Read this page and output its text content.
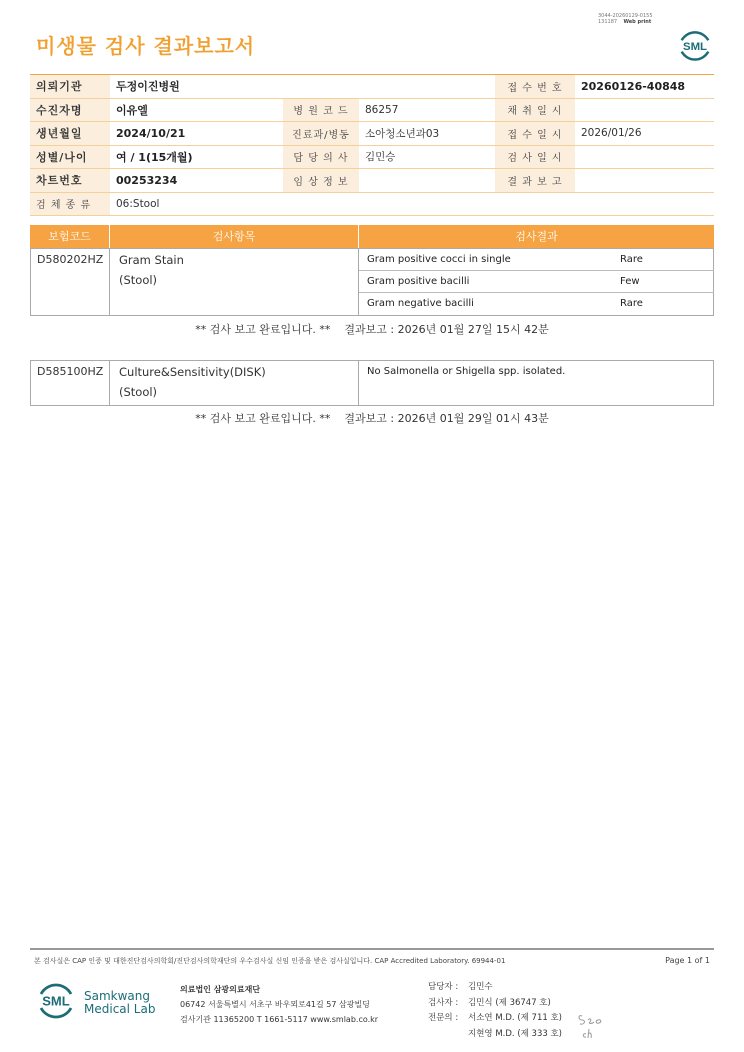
미생물 검사 결과보고서
3044-20260129-0155
131187 Web print
SML
의뢰기관	두정이진병원			접 수 번 호	20260126-40848
수진자명	이유엘	병 원 코 드	86257	채 취 일 시	
생년월일	2024/10/21	진료과/병동	소아청소년과03	접 수 일 시	2026/01/26
성별/나이	여 / 1(15개월)	담 당 의 사	김민승	검 사 일 시	
차트번호	00253234	임 상 정 보		결 과 보 고	
검 체 종 류	06:Stool				
보험코드	검사항목	검사결과
D580202HZ Gram Stain
(Stool)
Gram positive cocci in single	Rare
Gram positive bacilli	Few
Gram negative bacilli	Rare
** 검사 보고 완료입니다. **    결과보고 : 2026년 01월 27일 15시 42분
D585100HZ Culture&Sensitivity(DISK)
(Stool)
No Salmonella or Shigella spp. isolated.
** 검사 보고 완료입니다. **    결과보고 : 2026년 01월 29일 01시 43분
본 검사실은 CAP 인증 및 대한진단검사의학회/진단검사의학재단의 우수검사실 신임 인증을 받은 검사실입니다. CAP Accredited Laboratory. 69944-01	Page 1 of 1
SML Samkwang
Medical Lab
의료법인 삼광의료재단
06742 서울특별시 서초구 바우뫼로41길 57 삼광빌딩
검사기관 11365200 T 1661-5117 www.smlab.co.kr
담당자 : 김민수
검사자 : 김민식 (제 36747 호)
전문의 : 서소연 M.D. (제 711 호)
지현영 M.D. (제 333 호)
